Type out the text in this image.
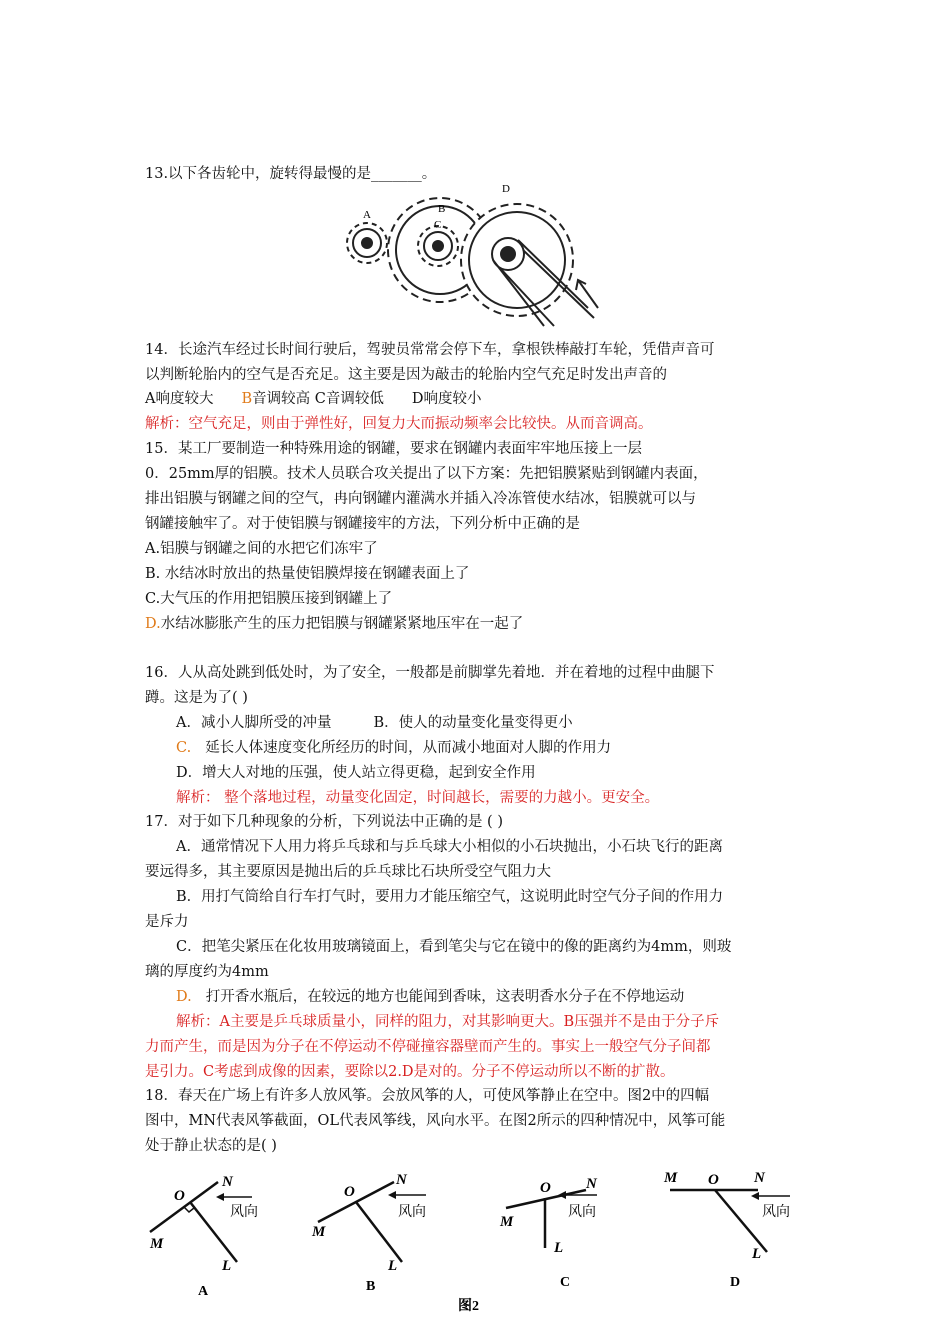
13.以下各齿轮中，旋转得最慢的是_______。
A	B
C
D
14．长途汽车经过长时间行驶后，驾驶员常常会停下车，拿根铁棒敲打车轮，凭借声音可
以判断轮胎内的空气是否充足。这主要是因为敲击的轮胎内空气充足时发出声音的
A响度较大 B音调较高 C音调较低 D响度较小
解析：空气充足，则由于弹性好，回复力大而振动频率会比较快。从而音调高。
15．某工厂要制造一种特殊用途的钢罐，要求在钢罐内表面牢牢地压接上一层
0．25mm厚的铝膜。技术人员联合攻关提出了以下方案：先把铝膜紧贴到钢罐内表面，
排出铝膜与钢罐之间的空气，冉向钢罐内灌满水并插入冷冻管使水结冰，铝膜就可以与
钢罐接触牢了。对于使铝膜与钢罐接牢的方法，下列分析中正确的是
A.铝膜与钢罐之间的水把它们冻牢了
B. 水结冰时放出的热量使铝膜焊接在钢罐表面上了
C.大气压的作用把铝膜压接到钢罐上了
D.水结冰膨胀产生的压力把铝膜与钢罐紧紧地压牢在一起了
16．人从高处跳到低处时，为了安全，一般都是前脚掌先着地．并在着地的过程中曲腿下
蹲。这是为了( )
A．减小人脚所受的冲量	B．使人的动量变化量变得更小
C. 延长人体速度变化所经历的时间，从而减小地面对人脚的作用力
D．增大人对地的压强，使人站立得更稳，起到安全作用
解析： 整个落地过程，动量变化固定，时间越长，需要的力越小。更安全。
17．对于如下几种现象的分析，下列说法中正确的是 ( )
A．通常情况下人用力将乒乓球和与乒乓球大小相似的小石块抛出，小石块飞行的距离
要远得多，其主要原因是抛出后的乒乓球比石块所受空气阻力大
B．用打气筒给自行车打气时，要用力才能压缩空气，这说明此时空气分子间的作用力
是斥力
C．把笔尖紧压在化妆用玻璃镜面上，看到笔尖与它在镜中的像的距离约为4mm，则玻
璃的厚度约为4mm
D. 打开香水瓶后，在较远的地方也能闻到香味，这表明香水分子在不停地运动
解析：A主要是乒乓球质量小，同样的阻力，对其影响更大。B压强并不是由于分子斥
力而产生，而是因为分子在不停运动不停碰撞容器壁而产生的。事实上一般空气分子间都
是引力。C考虑到成像的因素，要除以2.D是对的。分子不停运动所以不断的扩散。
18．春天在广场上有许多人放风筝。会放风筝的人，可使风筝静止在空中。图2中的四幅
图中，MN代表风筝截面，OL代表风筝线，风向水平。在图2所示的四种情况中，风筝可能
处于静止状态的是( )
O
N
M
L
风向
A
O
N
M
L
风向
B
O N
M
L
风向
C
M O N
L
风向
D
图2
